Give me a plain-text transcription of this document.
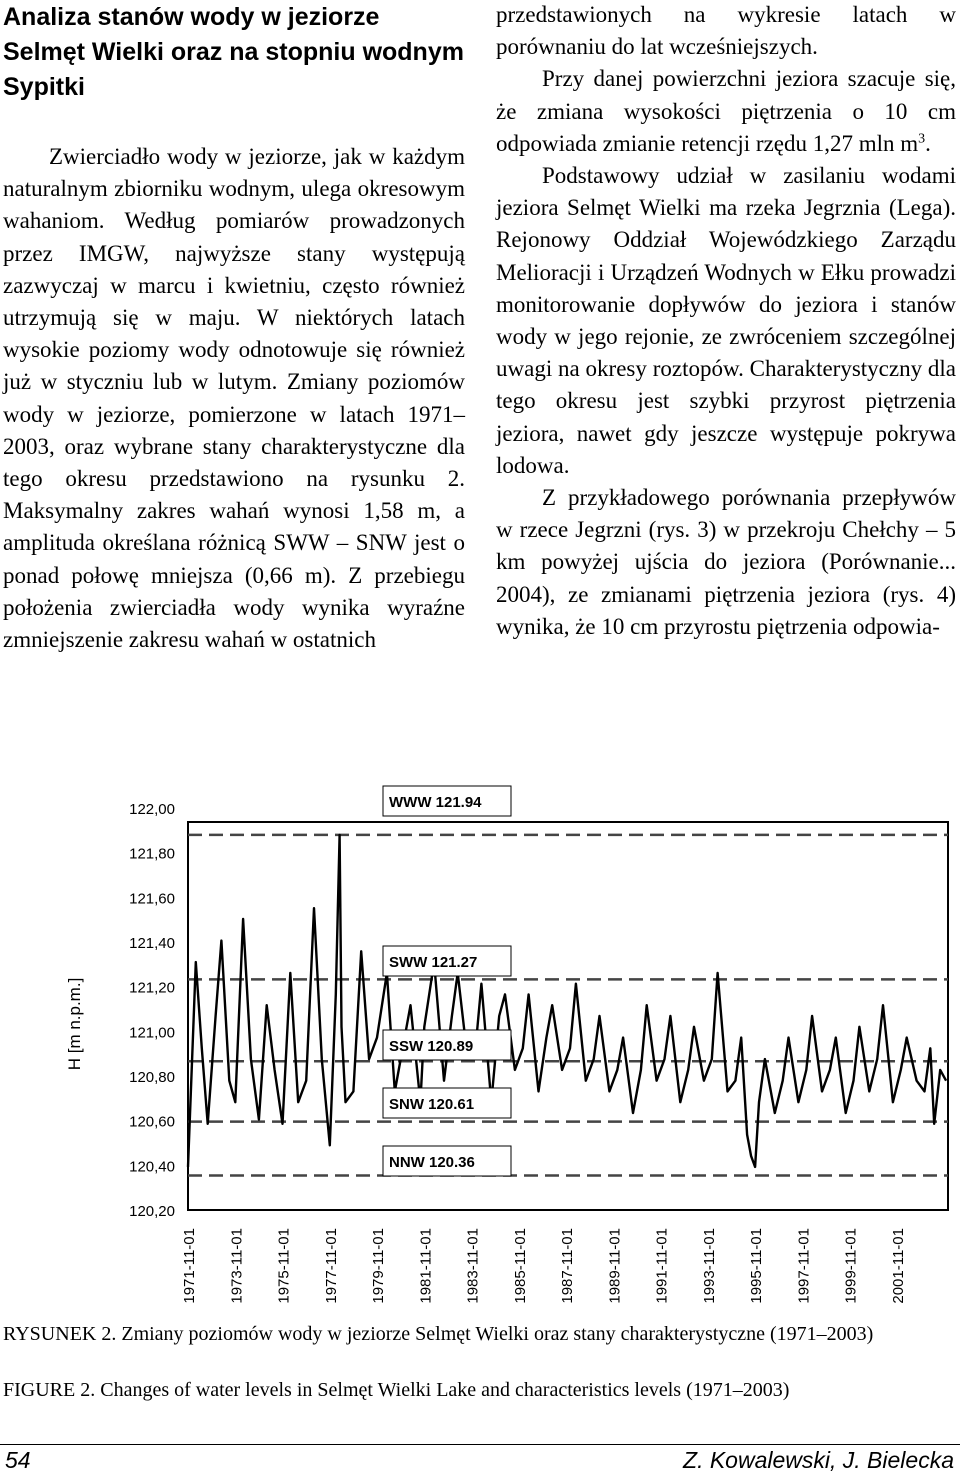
Analiza stanów wody w jeziorze Selmęt Wielki oraz na stopniu wodnym Sypitki

Zwierciadło wody w jeziorze, jak w każdym naturalnym zbiorniku wodnym, ulega okresowym wahaniom. Według pomiarów prowadzonych przez IMGW, najwyższe stany występują zazwyczaj w marcu i kwietniu, często również utrzymują się w maju. W niektórych latach wysokie poziomy wody odnotowuje się również już w styczniu lub w lutym. Zmiany poziomów wody w jeziorze, pomierzone w latach 1971–2003, oraz wybrane stany charakterystyczne dla tego okresu przedstawiono na rysunku 2. Maksymalny zakres wahań wynosi 1,58 m, a amplituda określana różnicą SWW – SNW jest o ponad połowę mniejsza (0,66 m). Z przebiegu położenia zwierciadła wody wynika wyraźne zmniejszenie zakresu wahań w ostatnich

przedstawionych na wykresie latach w porównaniu do lat wcześniejszych.

Przy danej powierzchni jeziora szacuje się, że zmiana wysokości piętrzenia o 10 cm odpowiada zmianie retencji rzędu 1,27 mln $m^3$.

Podstawowy udział w zasilaniu wodami jeziora Selmęt Wielki ma rzeka Jegrznia (Lega). Rejonowy Oddział Wojewódzkiego Zarządu Melioracji i Urządzeń Wodnych w Ełku prowadzi monitorowanie dopływów do jeziora i stanów wody w jego rejonie, ze zwróceniem szczególnej uwagi na okresy roztopów. Charakterystyczny dla tego okresu jest szybki przyrost piętrzenia jeziora, nawet gdy jeszcze występuje pokrywa lodowa.

Z przykładowego porównania przepływów w rzece Jegrzni (rys. 3) w przekroju Chełchy – 5 km powyżej ujścia do jeziora (Porównanie... 2004), ze zmianami piętrzenia jeziora (rys. 4) wynika, że 10 cm przyrostu piętrzenia odpowia-

H [m n.p.m.]
WWW 121.94
SWW 121.27
SSW 120.89
SNW 120.61
NNW 120.36
122,00
121,80
121,60
121,40
121,20
121,00
120,80
120,60
120,40
120,20
1971-11-01 1973-11-01 1975-11-01 1977-11-01 1979-11-01 1981-11-01 1983-11-01 1985-11-01 1987-11-01 1989-11-01 1991-11-01 1993-11-01 1995-11-01 1997-11-01 1999-11-01 2001-11-01
RYSUNEK 2. Zmiany poziomów wody w jeziorze Selmęt Wielki oraz stany charakterystyczne (1971–2003)
FIGURE 2. Changes of water levels in Selmęt Wielki Lake and characteristics levels (1971–2003)
54	Z. Kowalewski, J. Bielecka
